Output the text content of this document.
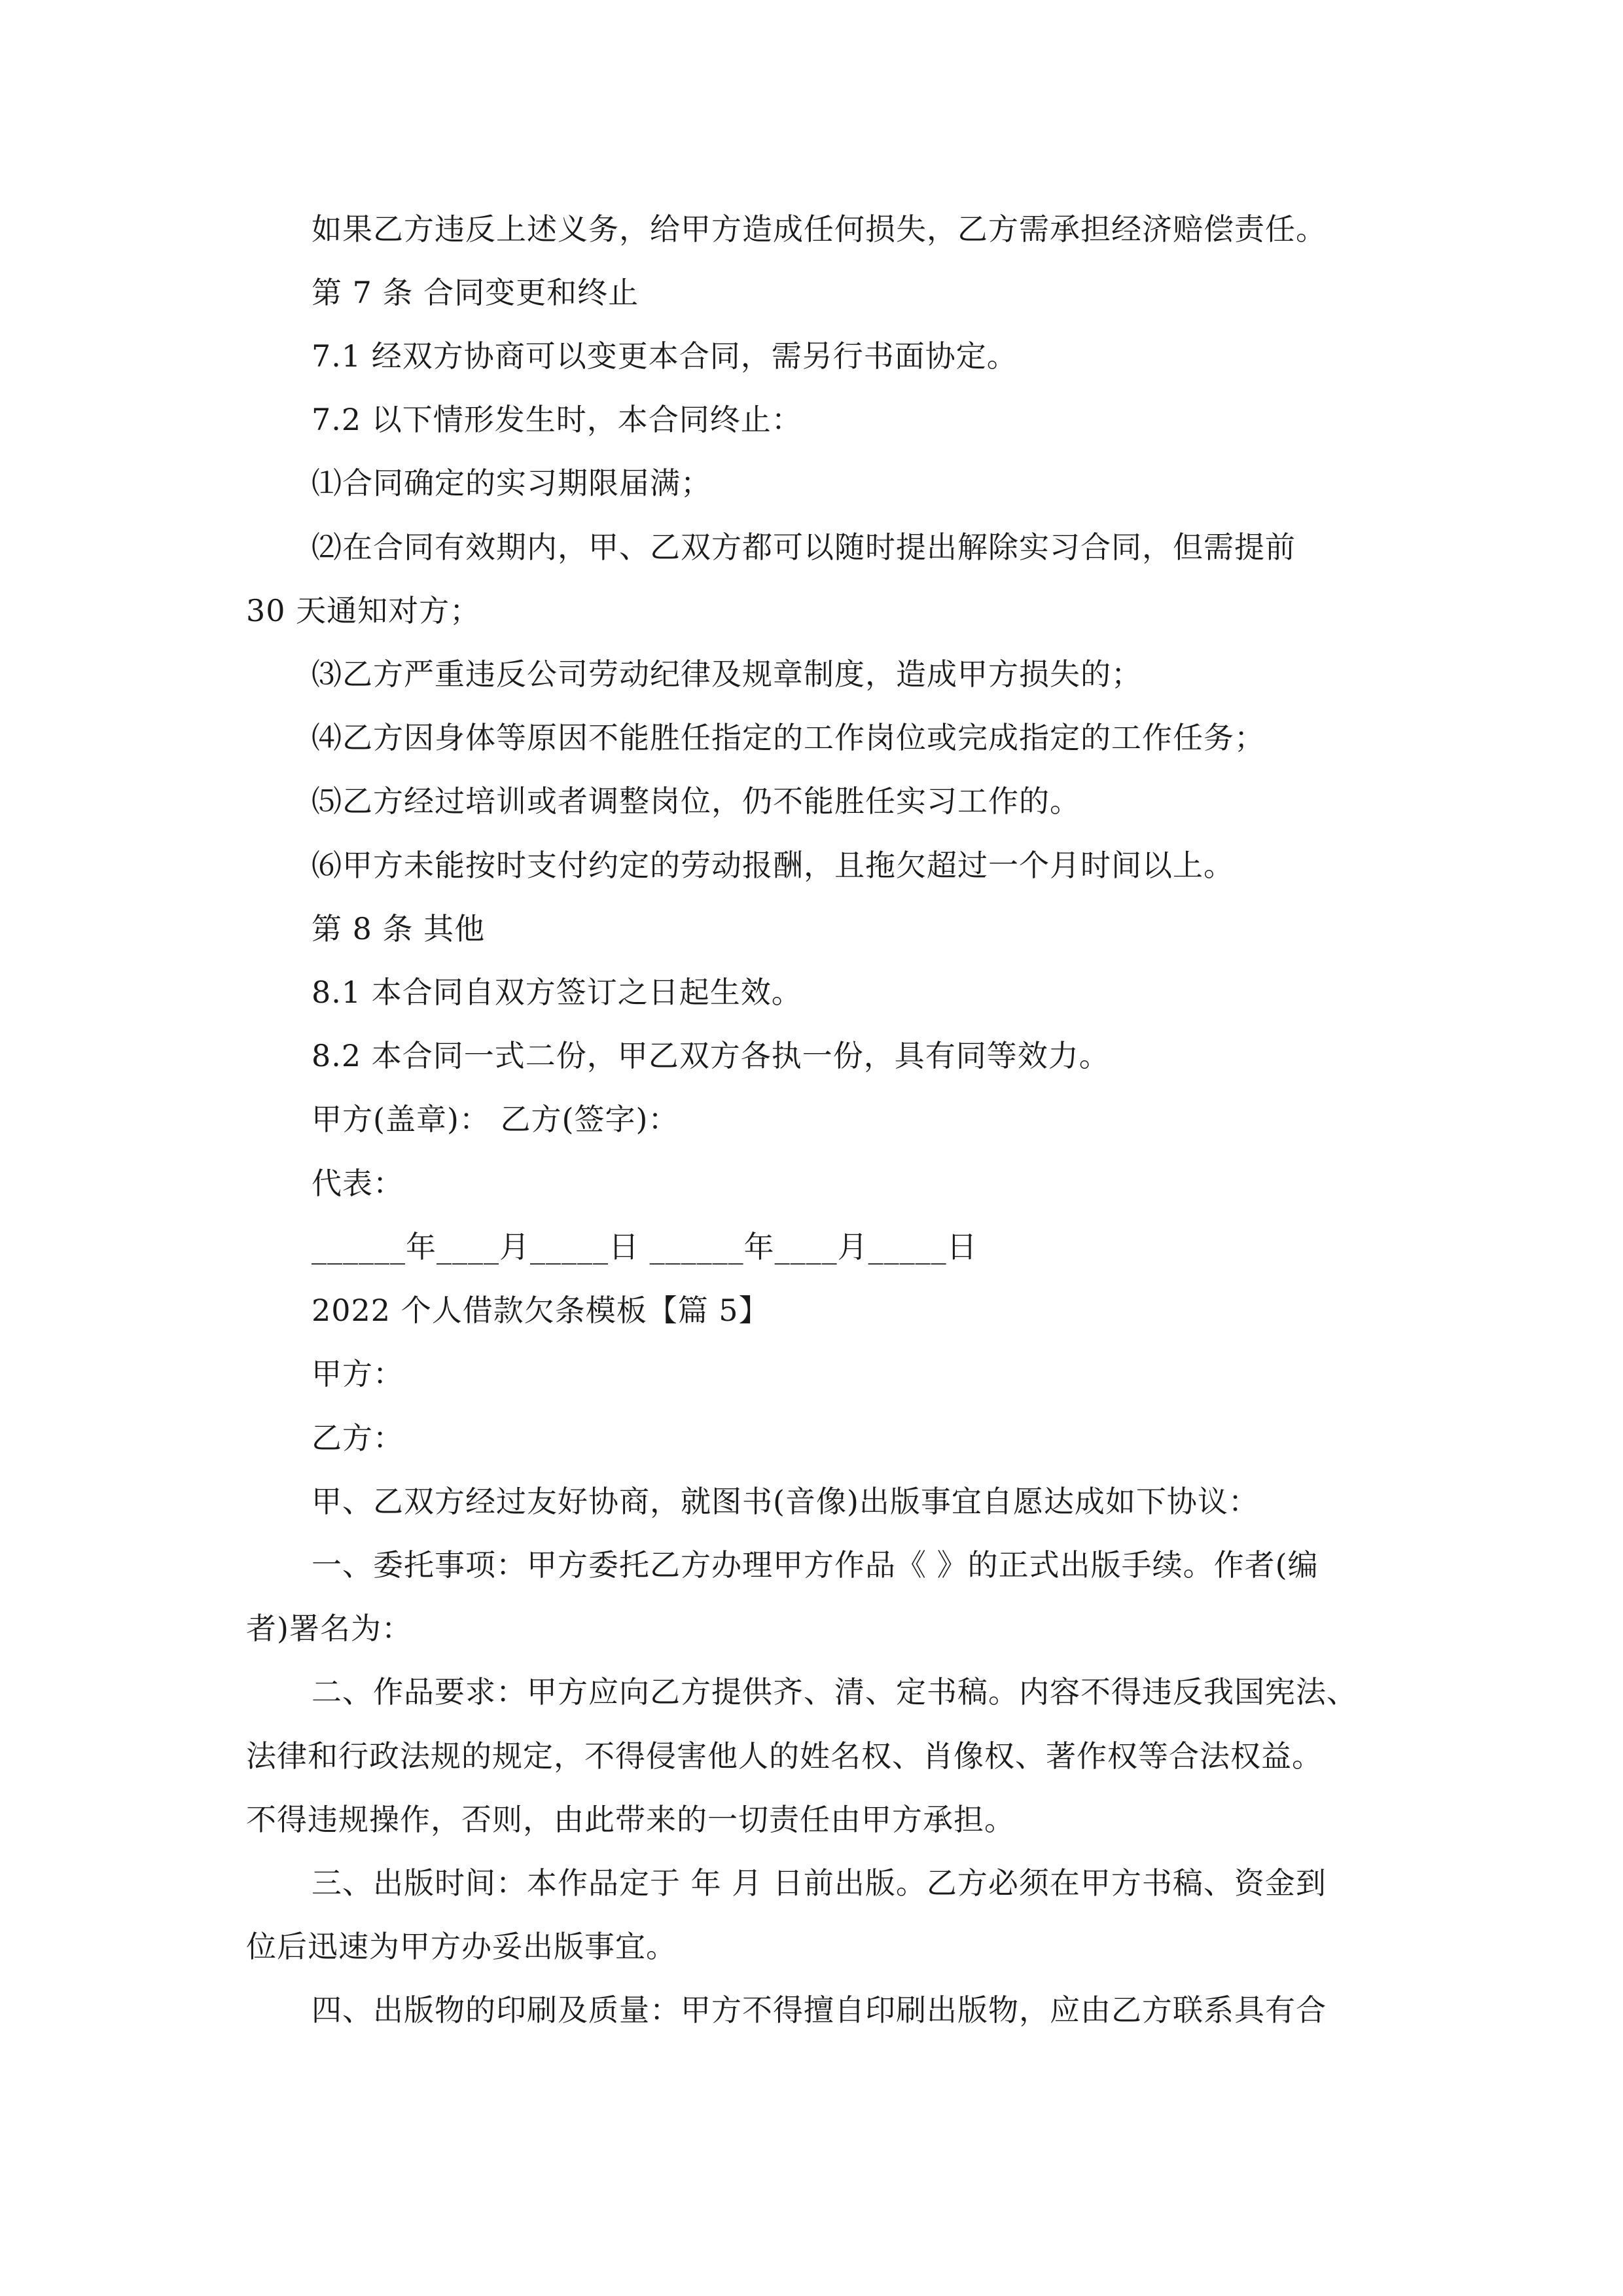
如果乙方违反上述义务，给甲方造成任何损失，乙方需承担经济赔偿责任。
第 7 条 合同变更和终止
7.1 经双方协商可以变更本合同，需另行书面协定。
7.2 以下情形发生时，本合同终止：
⑴合同确定的实习期限届满；
⑵在合同有效期内，甲、乙双方都可以随时提出解除实习合同，但需提前
30 天通知对方；
⑶乙方严重违反公司劳动纪律及规章制度，造成甲方损失的；
⑷乙方因身体等原因不能胜任指定的工作岗位或完成指定的工作任务；
⑸乙方经过培训或者调整岗位，仍不能胜任实习工作的。
⑹甲方未能按时支付约定的劳动报酬，且拖欠超过一个月时间以上。
第 8 条 其他
8.1 本合同自双方签订之日起生效。
8.2 本合同一式二份，甲乙双方各执一份，具有同等效力。
甲方(盖章)： 乙方(签字)：
代表：
______年____月_____日 ______年____月_____日
2022 个人借款欠条模板【篇 5】
甲方：
乙方：
甲、乙双方经过友好协商，就图书(音像)出版事宜自愿达成如下协议：
一、委托事项：甲方委托乙方办理甲方作品《 》的正式出版手续。作者(编
者)署名为：
二、作品要求：甲方应向乙方提供齐、清、定书稿。内容不得违反我国宪法、
法律和行政法规的规定，不得侵害他人的姓名权、肖像权、著作权等合法权益。
不得违规操作，否则，由此带来的一切责任由甲方承担。
三、出版时间：本作品定于 年 月 日前出版。乙方必须在甲方书稿、资金到
位后迅速为甲方办妥出版事宜。
四、出版物的印刷及质量：甲方不得擅自印刷出版物，应由乙方联系具有合
